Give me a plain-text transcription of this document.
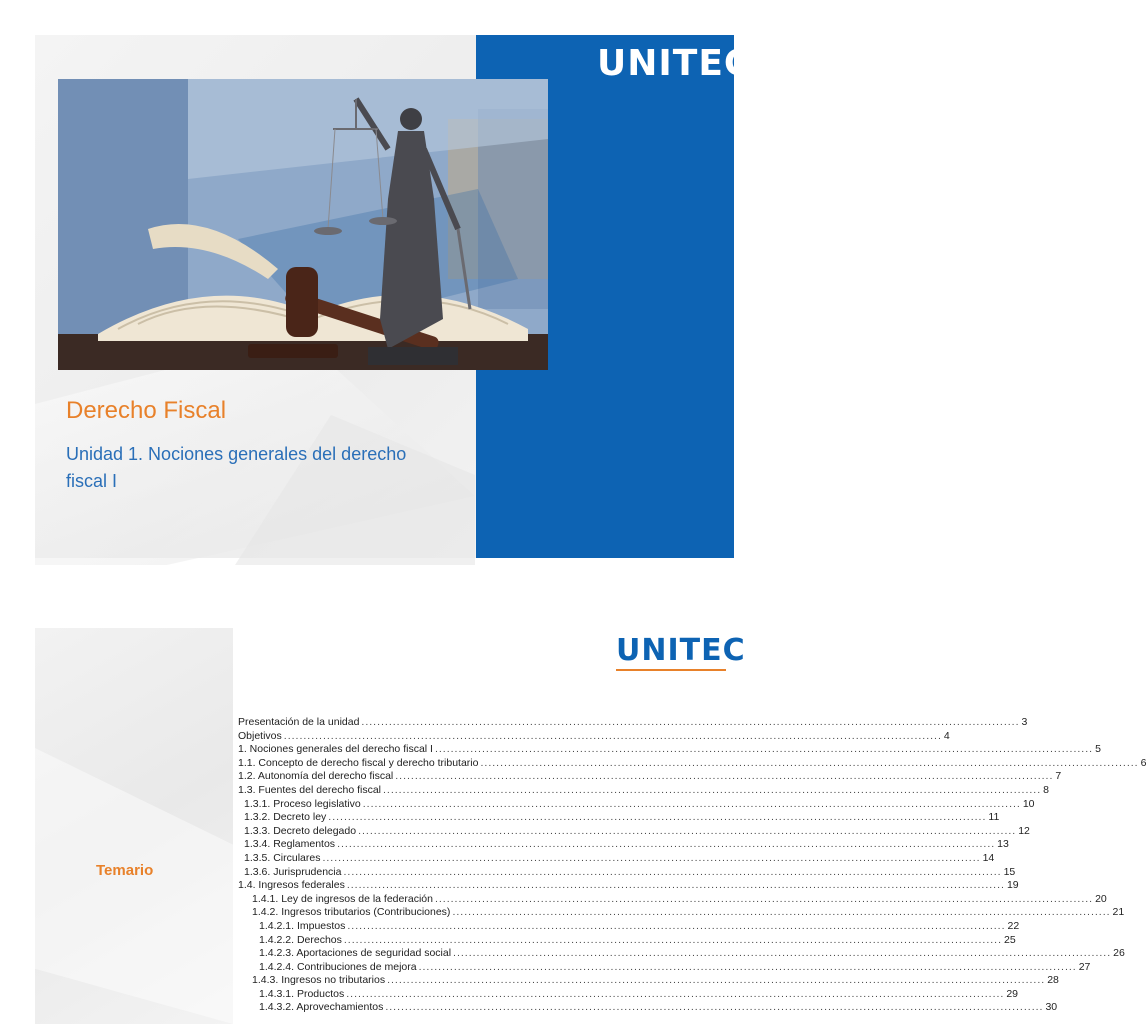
UNITEC
Derecho Fiscal
Unidad 1. Nociones generales del derecho fiscal I
Temario
UNITEC
Presentación de la unidad .....	3
Objetivos .....	4
1. Nociones generales del derecho fiscal I .....	5
1.1. Concepto de derecho fiscal y derecho tributario .....	6
1.2. Autonomía del derecho fiscal .....	7
1.3. Fuentes del derecho fiscal .....	8
1.3.1. Proceso legislativo .....	10
1.3.2. Decreto ley .....	11
1.3.3. Decreto delegado .....	12
1.3.4. Reglamentos .....	13
1.3.5. Circulares .....	14
1.3.6. Jurisprudencia .....	15
1.4. Ingresos federales .....	19
1.4.1. Ley de ingresos de la federación .....	20
1.4.2. Ingresos tributarios (Contribuciones) .....	21
1.4.2.1. Impuestos .....	22
1.4.2.2. Derechos .....	25
1.4.2.3. Aportaciones de seguridad social .....	26
1.4.2.4. Contribuciones de mejora .....	27
1.4.3. Ingresos no tributarios .....	28
1.4.3.1. Productos .....	29
1.4.3.2. Aprovechamientos .....	30
